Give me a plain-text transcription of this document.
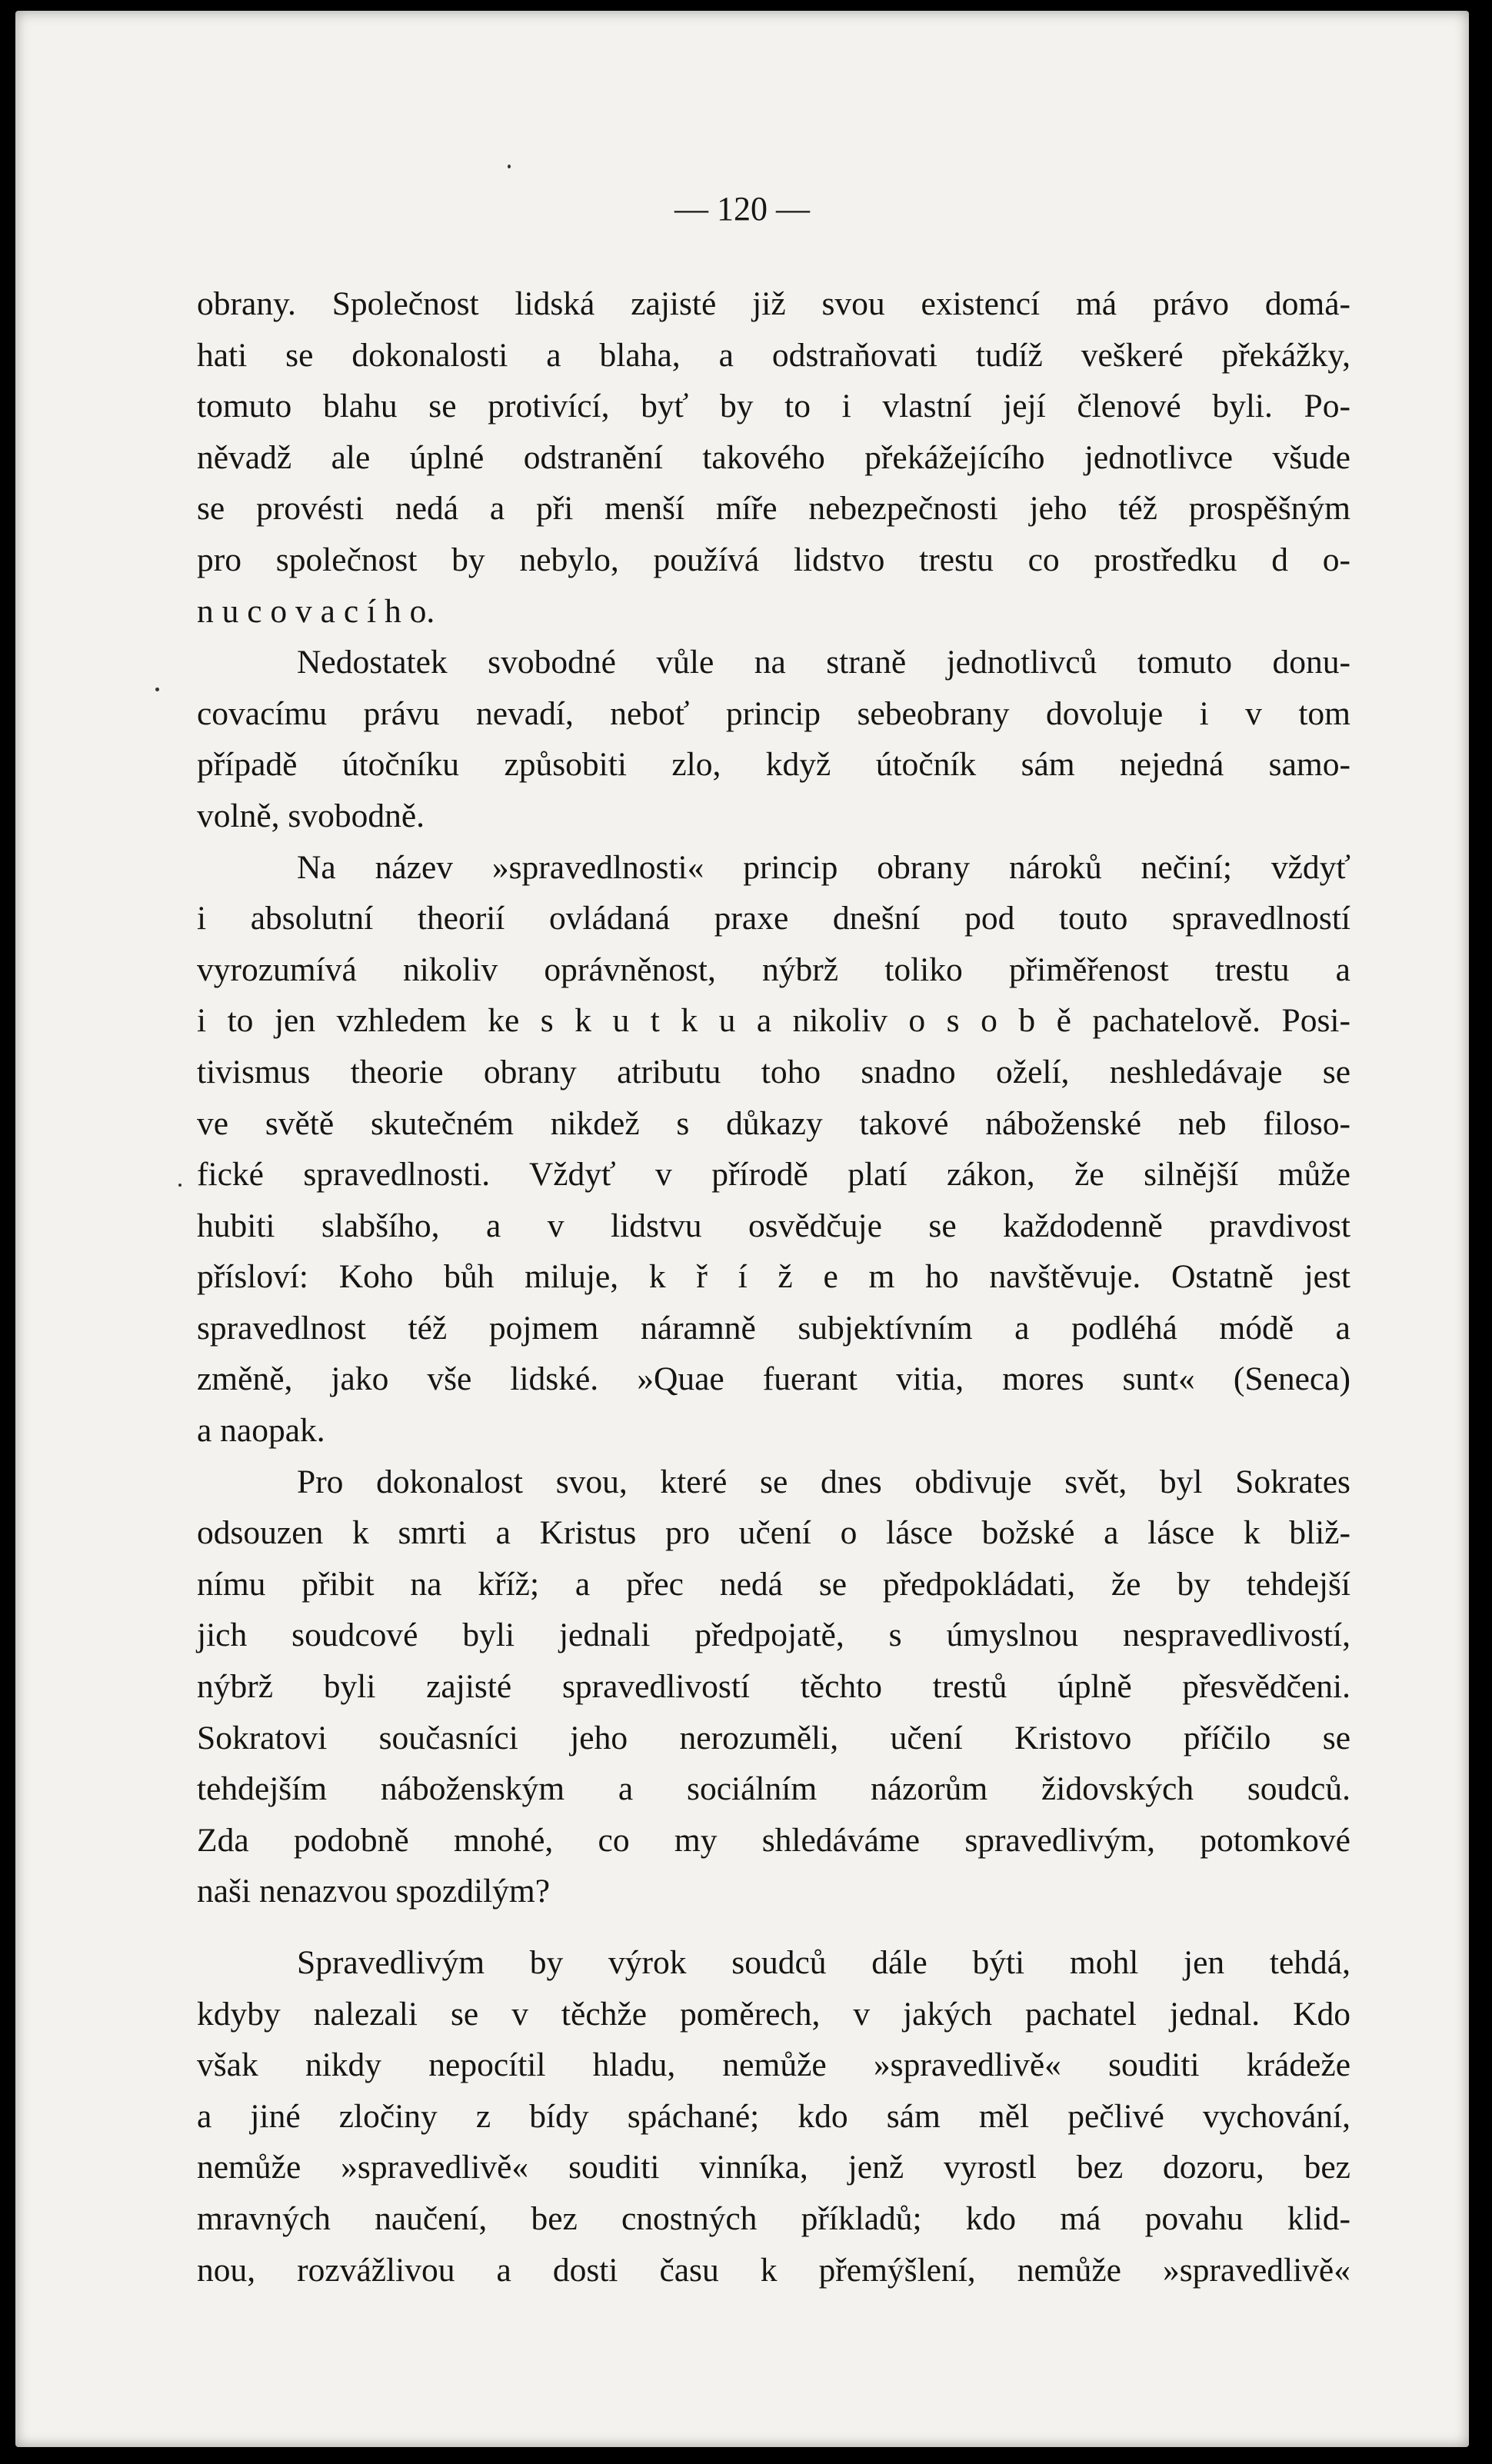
— 120 —
obrany. Společnost lidská zajisté již svou existencí má právo domá-
hati se dokonalosti a blaha, a odstraňovati tudíž veškeré překážky,
tomuto blahu se protivící, byť by to i vlastní její členové byli. Po-
něvadž ale úplné odstranění takového překážejícího jednotlivce všude
se provésti nedá a při menší míře nebezpečnosti jeho též prospěšným
pro společnost by nebylo, používá lidstvo trestu co prostředku d o-
n u c o v a c í h o.
Nedostatek svobodné vůle na straně jednotlivců tomuto donu-
covacímu právu nevadí, neboť princip sebeobrany dovoluje i v tom
případě útočníku způsobiti zlo, když útočník sám nejedná samo-
volně, svobodně.
Na název »spravedlnosti« princip obrany nároků nečiní; vždyť
i absolutní theorií ovládaná praxe dnešní pod touto spravedlností
vyrozumívá nikoliv oprávněnost, nýbrž toliko přiměřenost trestu a
i to jen vzhledem ke s k u t k u a nikoliv o s o b ě pachatelově. Posi-
tivismus theorie obrany atributu toho snadno oželí, neshledávaje se
ve světě skutečném nikdež s důkazy takové náboženské neb filoso-
fické spravedlnosti. Vždyť v přírodě platí zákon, že silnější může
hubiti slabšího, a v lidstvu osvědčuje se každodenně pravdivost
přísloví: Koho bůh miluje, k ř í ž e m ho navštěvuje. Ostatně jest
spravedlnost též pojmem náramně subjektívním a podléhá módě a
změně, jako vše lidské. »Quae fuerant vitia, mores sunt« (Seneca)
a naopak.
Pro dokonalost svou, které se dnes obdivuje svět, byl Sokrates
odsouzen k smrti a Kristus pro učení o lásce božské a lásce k bliž-
nímu přibit na kříž; a přec nedá se předpokládati, že by tehdejší
jich soudcové byli jednali předpojatě, s úmyslnou nespravedlivostí,
nýbrž byli zajisté spravedlivostí těchto trestů úplně přesvědčeni.
Sokratovi současníci jeho nerozuměli, učení Kristovo příčilo se
tehdejším náboženským a sociálním názorům židovských soudců.
Zda podobně mnohé, co my shledáváme spravedlivým, potomkové
naši nenazvou spozdilým?
Spravedlivým by výrok soudců dále býti mohl jen tehdá,
kdyby nalezali se v těchže poměrech, v jakých pachatel jednal. Kdo
však nikdy nepocítil hladu, nemůže »spravedlivě« souditi krádeže
a jiné zločiny z bídy spáchané; kdo sám měl pečlivé vychování,
nemůže »spravedlivě« souditi vinníka, jenž vyrostl bez dozoru, bez
mravných naučení, bez cnostných příkladů; kdo má povahu klid-
nou, rozvážlivou a dosti času k přemýšlení, nemůže »spravedlivě«
